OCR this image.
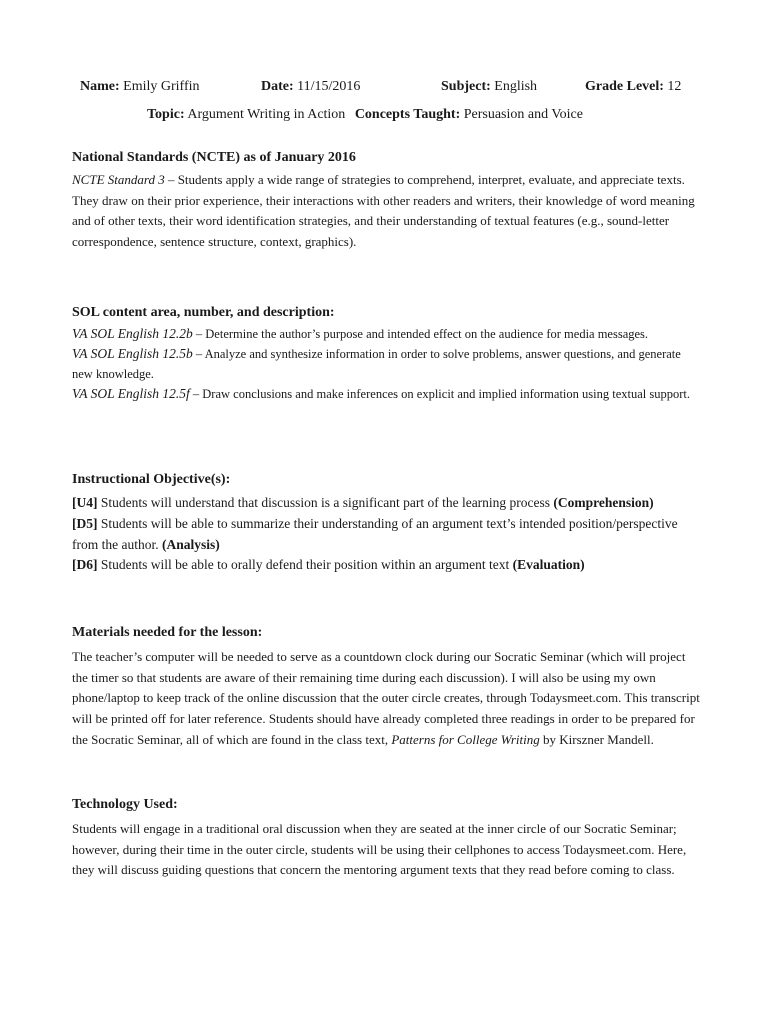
Name: Emily Griffin	Date: 11/15/2016	Subject: English	Grade Level: 12
Topic: Argument Writing in Action Concepts Taught: Persuasion and Voice
National Standards (NCTE) as of January 2016
NCTE Standard 3 – Students apply a wide range of strategies to comprehend, interpret, evaluate, and appreciate texts. They draw on their prior experience, their interactions with other readers and writers, their knowledge of word meaning and of other texts, their word identification strategies, and their understanding of textual features (e.g., sound-letter correspondence, sentence structure, context, graphics).
SOL content area, number, and description:
VA SOL English 12.2b – Determine the author’s purpose and intended effect on the audience for media messages.
VA SOL English 12.5b – Analyze and synthesize information in order to solve problems, answer questions, and generate new knowledge.
VA SOL English 12.5f – Draw conclusions and make inferences on explicit and implied information using textual support.
Instructional Objective(s):
[U4] Students will understand that discussion is a significant part of the learning process (Comprehension)
[D5] Students will be able to summarize their understanding of an argument text’s intended position/perspective from the author. (Analysis)
[D6] Students will be able to orally defend their position within an argument text (Evaluation)
Materials needed for the lesson:
The teacher’s computer will be needed to serve as a countdown clock during our Socratic Seminar (which will project the timer so that students are aware of their remaining time during each discussion). I will also be using my own phone/laptop to keep track of the online discussion that the outer circle creates, through Todaysmeet.com. This transcript will be printed off for later reference. Students should have already completed three readings in order to be prepared for the Socratic Seminar, all of which are found in the class text, Patterns for College Writing by Kirszner Mandell.
Technology Used:
Students will engage in a traditional oral discussion when they are seated at the inner circle of our Socratic Seminar; however, during their time in the outer circle, students will be using their cellphones to access Todaysmeet.com. Here, they will discuss guiding questions that concern the mentoring argument texts that they read before coming to class.
